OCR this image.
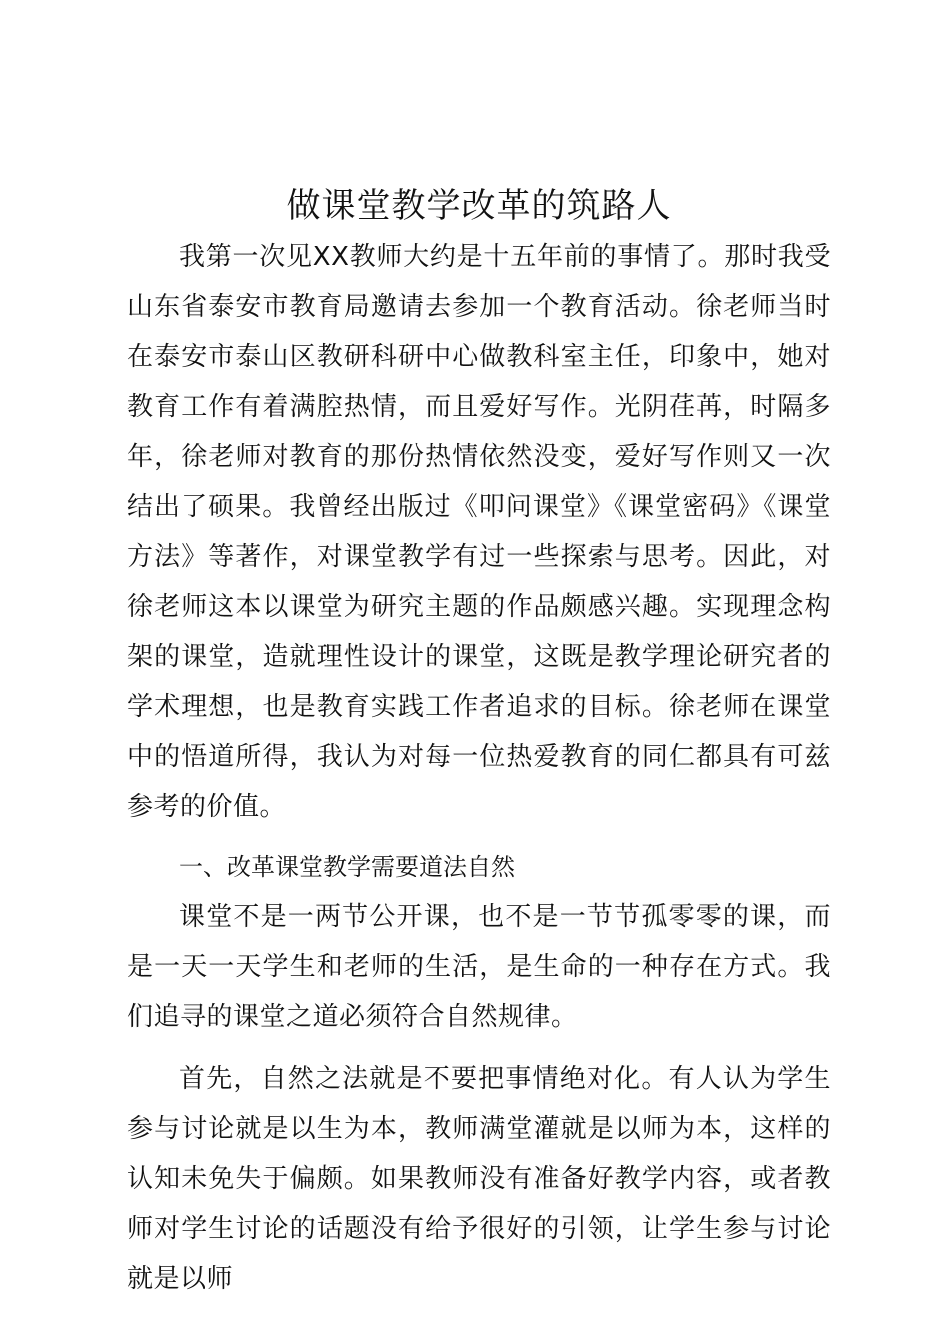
做课堂教学改革的筑路人

我第一次见XX教师大约是十五年前的事情了。那时我受山东省泰安市教育局邀请去参加一个教育活动。徐老师当时在泰安市泰山区教研科研中心做教科室主任，印象中，她对教育工作有着满腔热情，而且爱好写作。光阴荏苒，时隔多年，徐老师对教育的那份热情依然没变，爱好写作则又一次结出了硕果。我曾经出版过《叩问课堂》《课堂密码》《课堂方法》等著作，对课堂教学有过一些探索与思考。因此，对徐老师这本以课堂为研究主题的作品颇感兴趣。实现理念构架的课堂，造就理性设计的课堂，这既是教学理论研究者的学术理想，也是教育实践工作者追求的目标。徐老师在课堂中的悟道所得，我认为对每一位热爱教育的同仁都具有可兹参考的价值。

一、改革课堂教学需要道法自然

课堂不是一两节公开课，也不是一节节孤零零的课，而是一天一天学生和老师的生活，是生命的一种存在方式。我们追寻的课堂之道必须符合自然规律。

首先，自然之法就是不要把事情绝对化。有人认为学生参与讨论就是以生为本，教师满堂灌就是以师为本，这样的认知未免失于偏颇。如果教师没有准备好教学内容，或者教师对学生讨论的话题没有给予很好的引领，让学生参与讨论就是以师
